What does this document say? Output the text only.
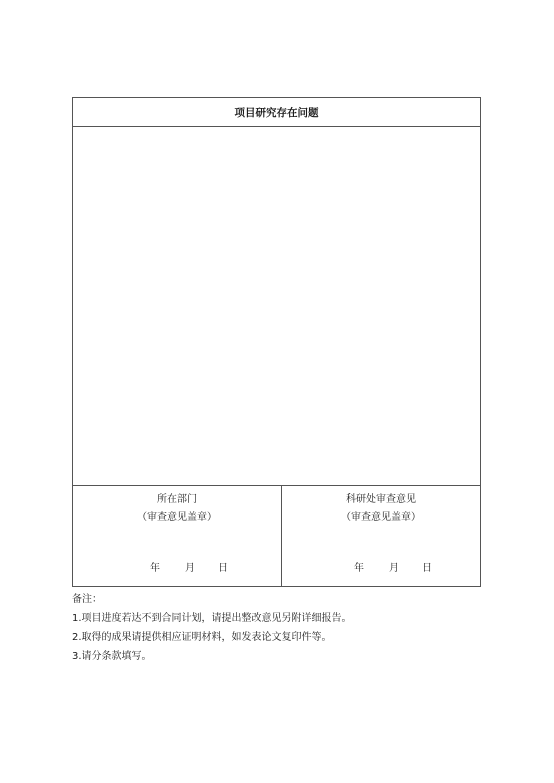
项目研究存在问题
所在部门
（审查意见盖章）
年	月 日
科研处审查意见
（审查意见盖章）
年	月 日
备注：
1.项目进度若达不到合同计划，请提出整改意见另附详细报告。
2.取得的成果请提供相应证明材料，如发表论文复印件等。
3.请分条款填写。
